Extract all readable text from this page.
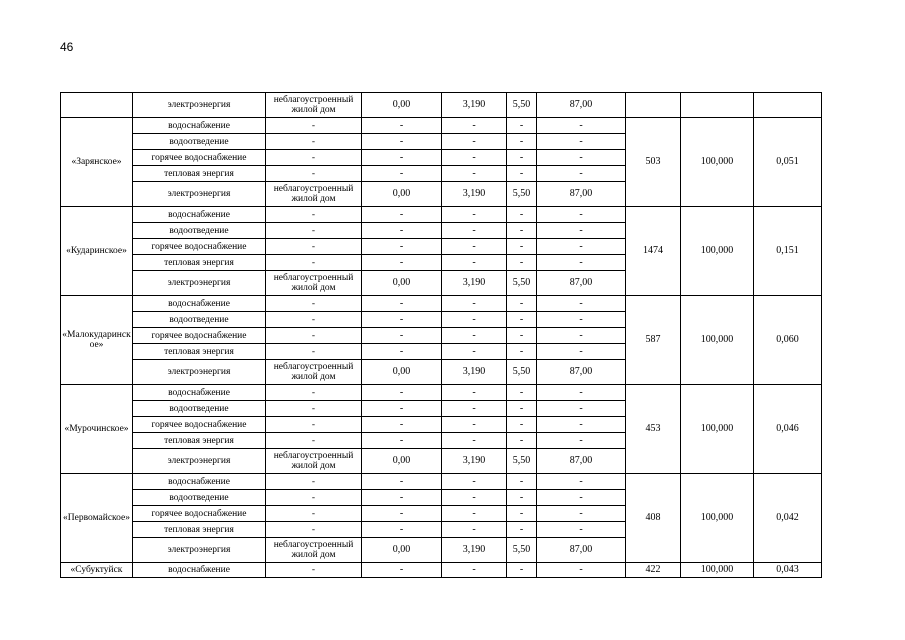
46
	электроэнергия	неблагоустроенный жилой дом	0,00	3,190	5,50	87,00			
«Зарянское»	водоснабжение	-	-	-	-	-	503	100,000	0,051
	водоотведение	-	-	-	-	-			
	горячее водоснабжение	-	-	-	-	-			
	тепловая энергия	-	-	-	-	-			
	электроэнергия	неблагоустроенный жилой дом	0,00	3,190	5,50	87,00			
«Кударинское»	водоснабжение	-	-	-	-	-	1474	100,000	0,151
	водоотведение	-	-	-	-	-			
	горячее водоснабжение	-	-	-	-	-			
	тепловая энергия	-	-	-	-	-			
	электроэнергия	неблагоустроенный жилой дом	0,00	3,190	5,50	87,00			
«Малокударинское»	водоснабжение	-	-	-	-	-	587	100,000	0,060
	водоотведение	-	-	-	-	-			
	горячее водоснабжение	-	-	-	-	-			
	тепловая энергия	-	-	-	-	-			
	электроэнергия	неблагоустроенный жилой дом	0,00	3,190	5,50	87,00			
«Мурочинское»	водоснабжение	-	-	-	-	-	453	100,000	0,046
	водоотведение	-	-	-	-	-			
	горячее водоснабжение	-	-	-	-	-			
	тепловая энергия	-	-	-	-	-			
	электроэнергия	неблагоустроенный жилой дом	0,00	3,190	5,50	87,00			
«Первомайское»	водоснабжение	-	-	-	-	-	408	100,000	0,042
	водоотведение	-	-	-	-	-			
	горячее водоснабжение	-	-	-	-	-			
	тепловая энергия	-	-	-	-	-			
	электроэнергия	неблагоустроенный жилой дом	0,00	3,190	5,50	87,00			
«Субуктуйск	водоснабжение	-	-	-	-	-	422	100,000	0,043
